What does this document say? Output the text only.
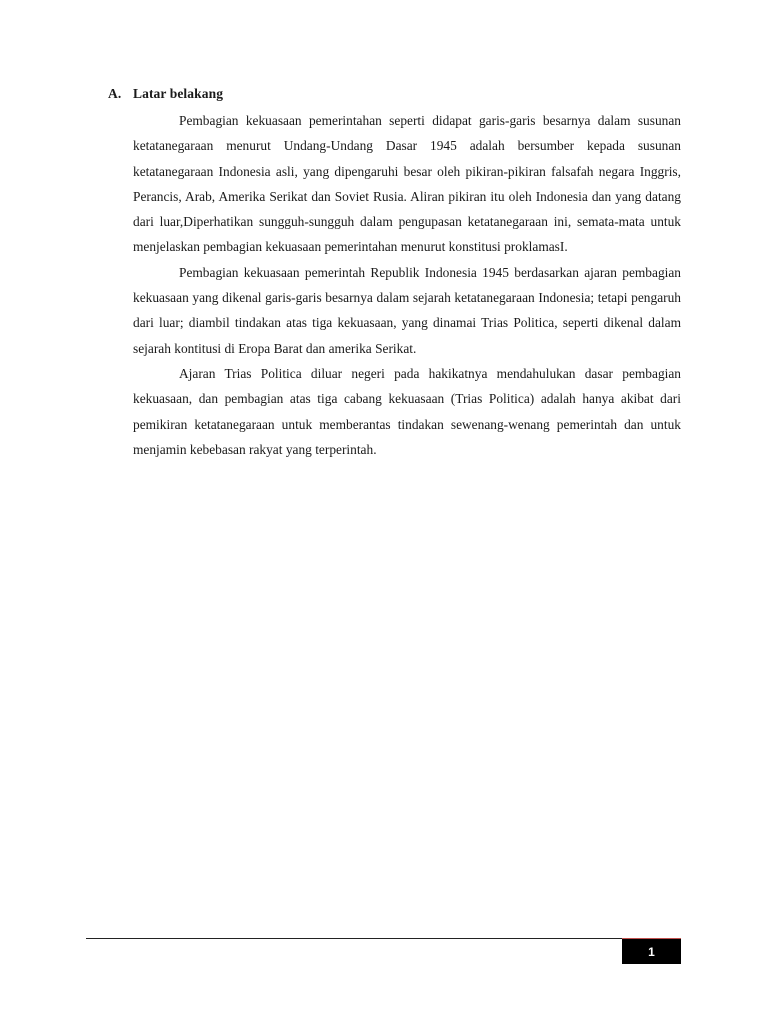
A. Latar belakang

Pembagian kekuasaan pemerintahan seperti didapat garis-garis besarnya dalam susunan ketatanegaraan menurut Undang-Undang Dasar 1945 adalah bersumber kepada susunan ketatanegaraan Indonesia asli, yang dipengaruhi besar oleh pikiran-pikiran falsafah negara Inggris, Perancis, Arab, Amerika Serikat dan Soviet Rusia. Aliran pikiran itu oleh Indonesia dan yang datang dari luar,Diperhatikan sungguh-sungguh dalam pengupasan ketatanegaraan ini, semata-mata untuk menjelaskan pembagian kekuasaan pemerintahan menurut konstitusi proklamasI.

Pembagian kekuasaan pemerintah Republik Indonesia 1945 berdasarkan ajaran pembagian kekuasaan yang dikenal garis-garis besarnya dalam sejarah ketatanegaraan Indonesia; tetapi pengaruh dari luar; diambil tindakan atas tiga kekuasaan, yang dinamai Trias Politica, seperti dikenal dalam sejarah kontitusi di Eropa Barat dan amerika Serikat.

Ajaran Trias Politica diluar negeri pada hakikatnya mendahulukan dasar pembagian kekuasaan, dan pembagian atas tiga cabang kekuasaan (Trias Politica) adalah hanya akibat dari pemikiran ketatanegaraan untuk memberantas tindakan sewenang-wenang pemerintah dan untuk menjamin kebebasan rakyat yang terperintah.

1
